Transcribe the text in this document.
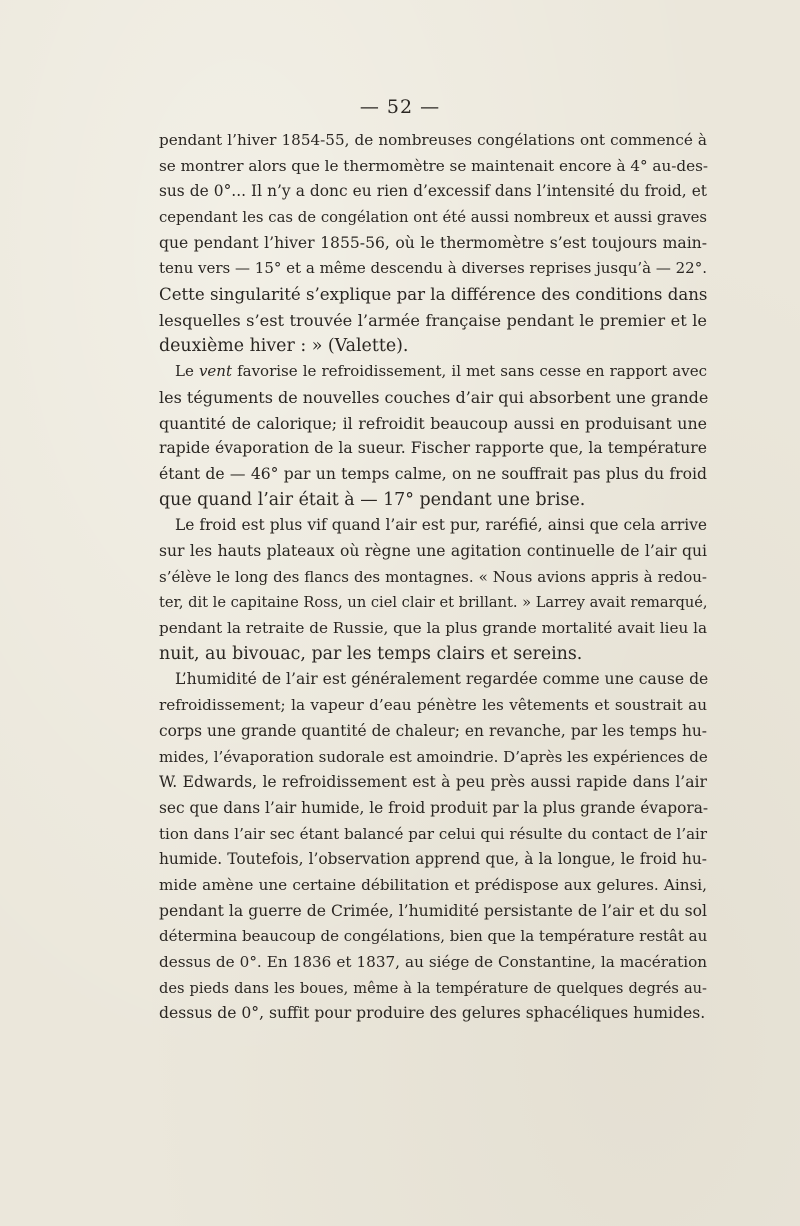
— 52 —
pendant l’hiver 1854-55, de nombreuses congélations ont commencé à
se montrer alors que le thermomètre se maintenait encore à 4° au-des-
sus de 0°... Il n’y a donc eu rien d’excessif dans l’intensité du froid, et
cependant les cas de congélation ont été aussi nombreux et aussi graves
que pendant l’hiver 1855-56, où le thermomètre s’est toujours main-
tenu vers — 15° et a même descendu à diverses reprises jusqu’à — 22°.
Cette singularité s’explique par la différence des conditions dans
lesquelles s’est trouvée l’armée française pendant le premier et le
deuxième hiver : » (Valette).
Le vent favorise le refroidissement, il met sans cesse en rapport avec
les téguments de nouvelles couches d’air qui absorbent une grande
quantité de calorique; il refroidit beaucoup aussi en produisant une
rapide évaporation de la sueur. Fischer rapporte que, la température
étant de — 46° par un temps calme, on ne souffrait pas plus du froid
que quand l’air était à — 17° pendant une brise.
Le froid est plus vif quand l’air est pur, raréfié, ainsi que cela arrive
sur les hauts plateaux où règne une agitation continuelle de l’air qui
s’élève le long des flancs des montagnes. « Nous avions appris à redou-
ter, dit le capitaine Ross, un ciel clair et brillant. » Larrey avait remarqué,
pendant la retraite de Russie, que la plus grande mortalité avait lieu la
nuit, au bivouac, par les temps clairs et sereins.
L’humidité de l’air est généralement regardée comme une cause de
refroidissement; la vapeur d’eau pénètre les vêtements et soustrait au
corps une grande quantité de chaleur; en revanche, par les temps hu-
mides, l’évaporation sudorale est amoindrie. D’après les expériences de
W. Edwards, le refroidissement est à peu près aussi rapide dans l’air
sec que dans l’air humide, le froid produit par la plus grande évapora-
tion dans l’air sec étant balancé par celui qui résulte du contact de l’air
humide. Toutefois, l’observation apprend que, à la longue, le froid hu-
mide amène une certaine débilitation et prédispose aux gelures. Ainsi,
pendant la guerre de Crimée, l’humidité persistante de l’air et du sol
détermina beaucoup de congélations, bien que la température restât au
dessus de 0°. En 1836 et 1837, au siége de Constantine, la macération
des pieds dans les boues, même à la température de quelques degrés au-
dessus de 0°, suffit pour produire des gelures sphacéliques humides.
